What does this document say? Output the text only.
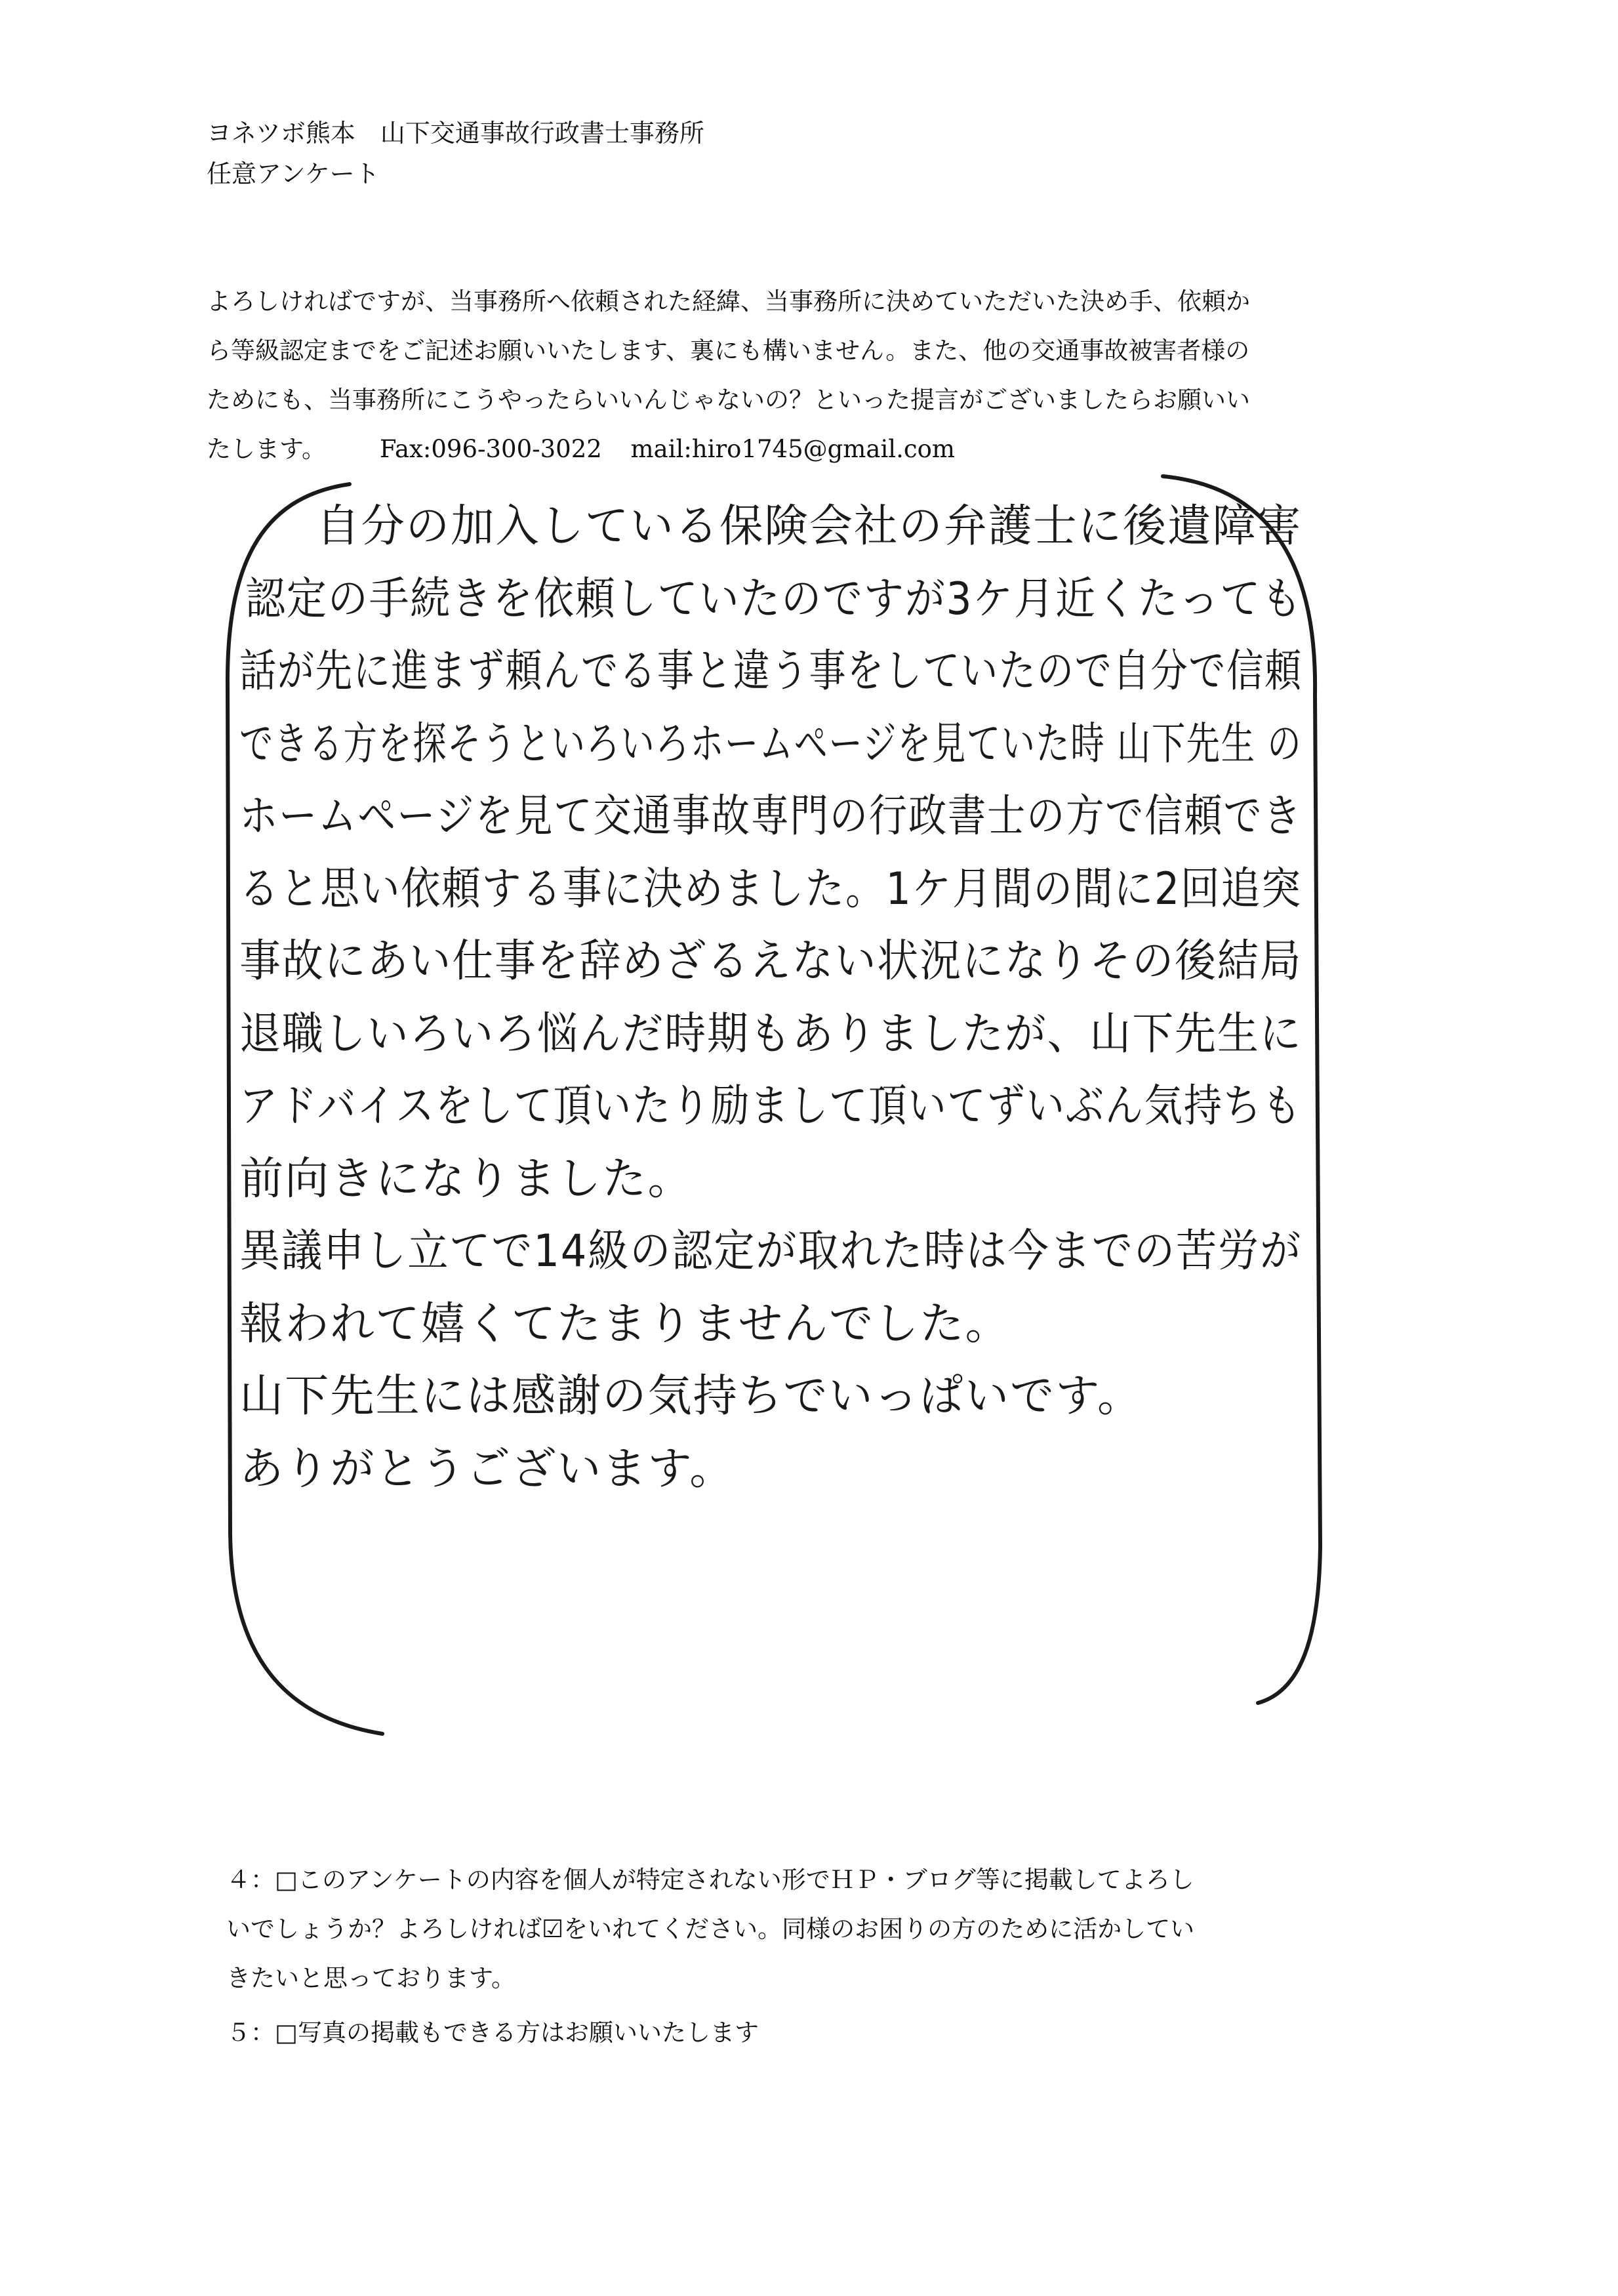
ヨネツボ熊本　山下交通事故行政書士事務所
任意アンケート
よろしければですが、当事務所へ依頼された経緯、当事務所に決めていただいた決め手、依頼か
ら等級認定までをご記述お願いいたします、裏にも構いません。また、他の交通事故被害者様の
ためにも、当事務所にこうやったらいいんじゃないの？といった提言がございましたらお願いい
たします。 Fax:096-300-3022 mail:hiro1745@gmail.com
自分の加入している保険会社の弁護士に後遺障害
認定の手続きを依頼していたのですが3ケ月近くたっても
話が先に進まず頼んでる事と違う事をしていたので自分で信頼
できる方を探そうといろいろホームページを見ていた時 山下先生 の
ホームページを見て交通事故専門の行政書士の方で信頼でき
ると思い依頼する事に決めました。1ケ月間の間に2回追突
事故にあい仕事を辞めざるえない状況になりその後結局
退職しいろいろ悩んだ時期もありましたが、山下先生に
アドバイスをして頂いたり励まして頂いてずいぶん気持ちも
前向きになりました。
異議申し立てで14級の認定が取れた時は今までの苦労が
報われて嬉くてたまりませんでした。
山下先生には感謝の気持ちでいっぱいです。
ありがとうございます。
４：□このアンケートの内容を個人が特定されない形でＨＰ・ブログ等に掲載してよろし
いでしょうか？よろしければ☑をいれてください。同様のお困りの方のために活かしてい
きたいと思っております。
５：□写真の掲載もできる方はお願いいたします
